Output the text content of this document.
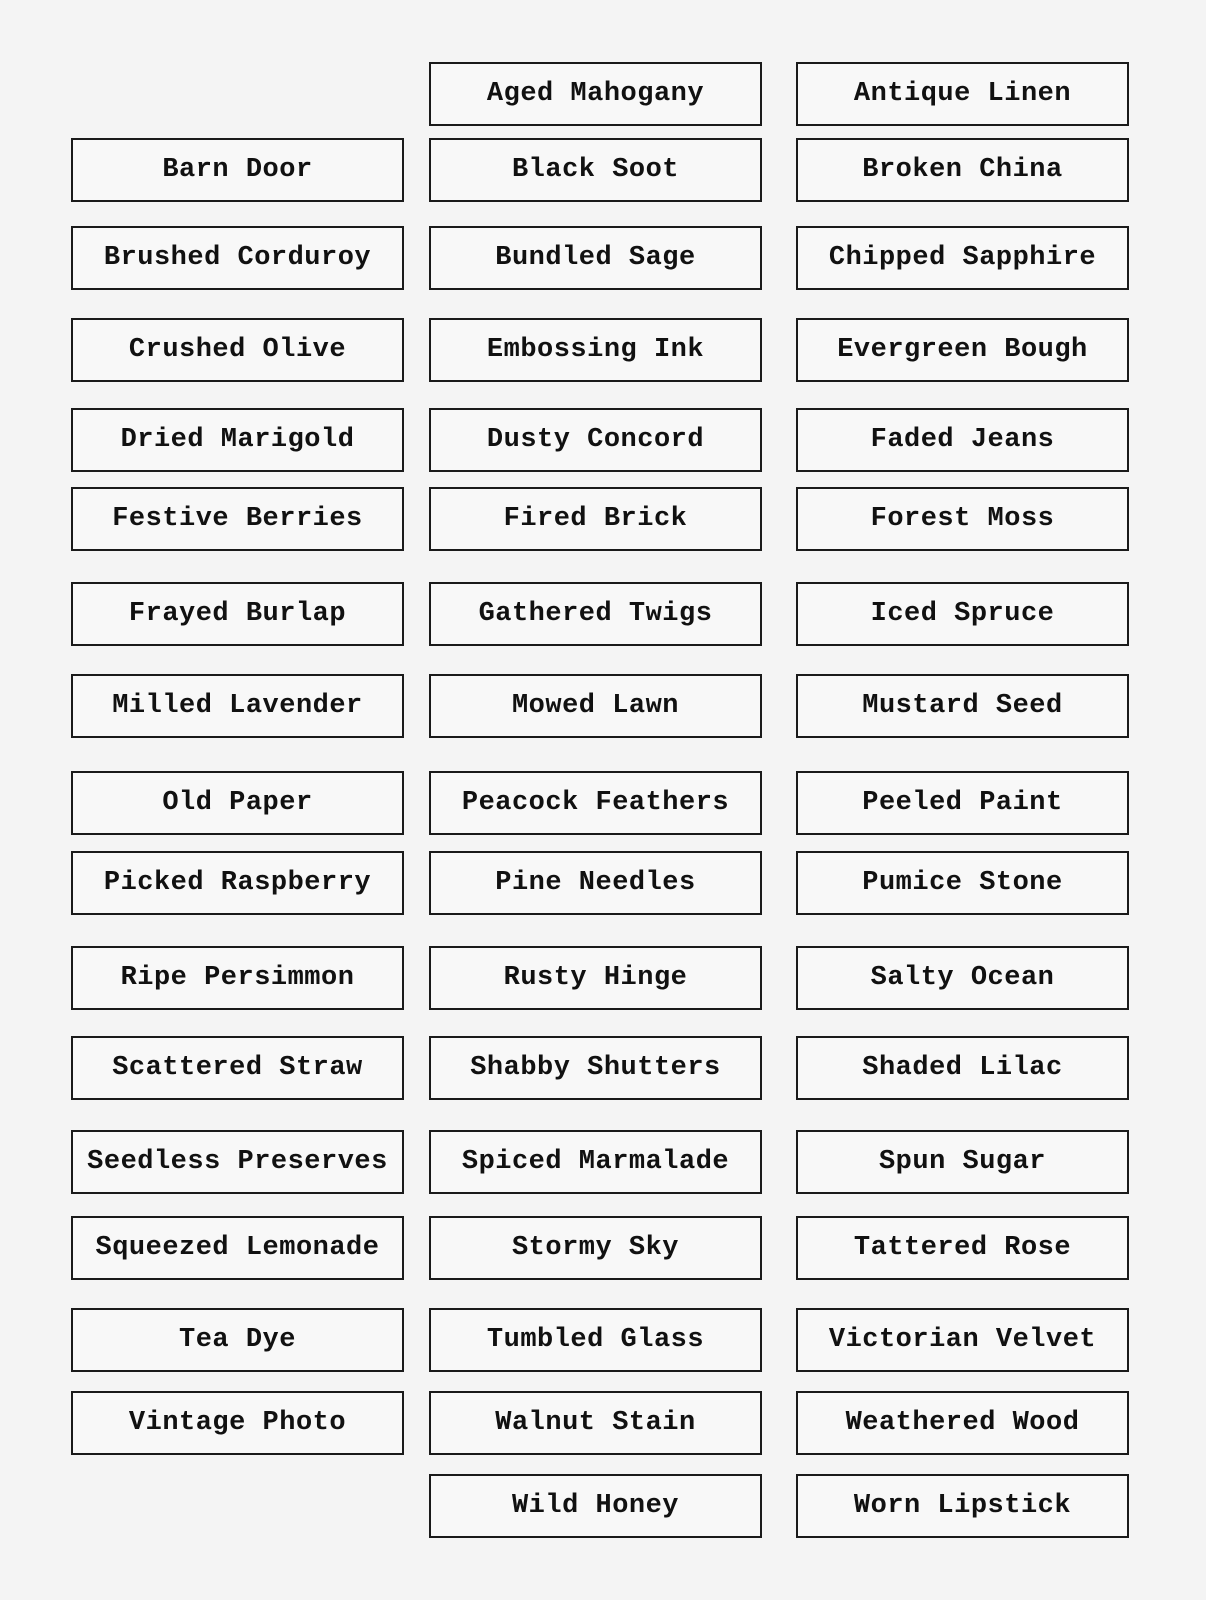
Barn Door
Brushed Corduroy
Crushed Olive
Dried Marigold
Festive Berries
Frayed Burlap
Milled Lavender
Old Paper
Picked Raspberry
Ripe Persimmon
Scattered Straw
Seedless Preserves
Squeezed Lemonade
Tea Dye
Vintage Photo
Aged Mahogany
Black Soot
Bundled Sage
Embossing Ink
Dusty Concord
Fired Brick
Gathered Twigs
Mowed Lawn
Peacock Feathers
Pine Needles
Rusty Hinge
Shabby Shutters
Spiced Marmalade
Stormy Sky
Tumbled Glass
Walnut Stain
Wild Honey
Antique Linen
Broken China
Chipped Sapphire
Evergreen Bough
Faded Jeans
Forest Moss
Iced Spruce
Mustard Seed
Peeled Paint
Pumice Stone
Salty Ocean
Shaded Lilac
Spun Sugar
Tattered Rose
Victorian Velvet
Weathered Wood
Worn Lipstick
